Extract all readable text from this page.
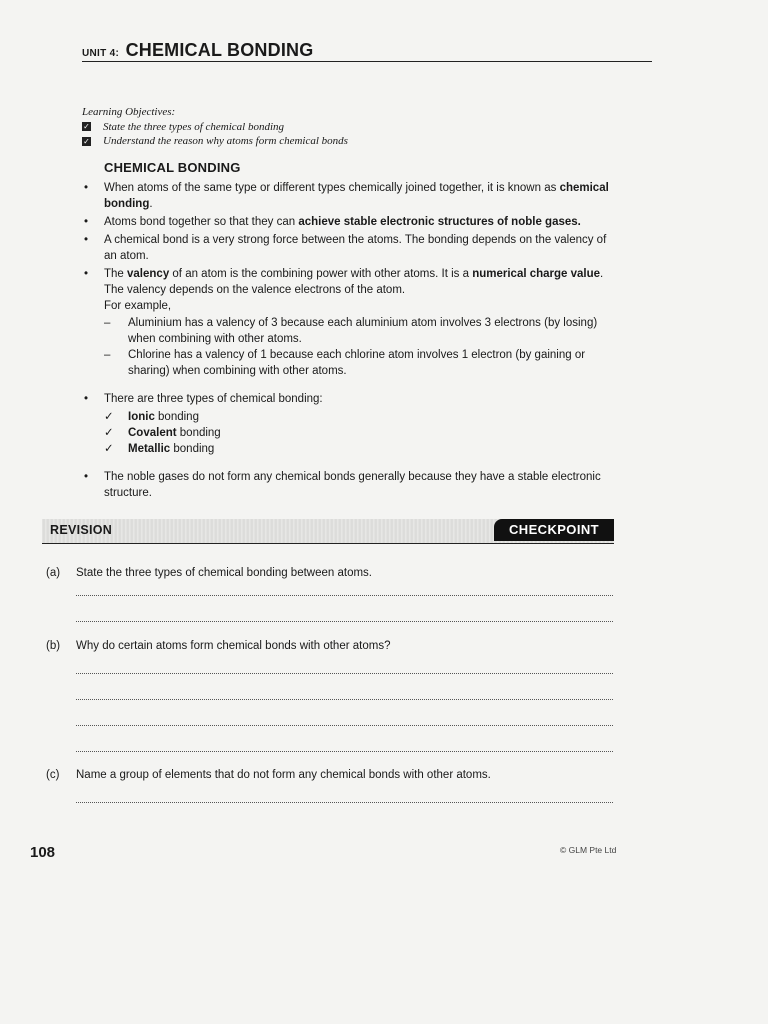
UNIT 4: CHEMICAL BONDING
Learning Objectives:
✓ State the three types of chemical bonding
✓ Understand the reason why atoms form chemical bonds
CHEMICAL BONDING
• When atoms of the same type or different types chemically joined together, it is known as chemical bonding.
• Atoms bond together so that they can achieve stable electronic structures of noble gases.
• A chemical bond is a very strong force between the atoms. The bonding depends on the valency of an atom.
• The valency of an atom is the combining power with other atoms. It is a numerical charge value.
The valency depends on the valence electrons of the atom.
For example,
– Aluminium has a valency of 3 because each aluminium atom involves 3 electrons (by losing) when combining with other atoms.
– Chlorine has a valency of 1 because each chlorine atom involves 1 electron (by gaining or sharing) when combining with other atoms.
• There are three types of chemical bonding:
✓ Ionic bonding
✓ Covalent bonding
✓ Metallic bonding
• The noble gases do not form any chemical bonds generally because they have a stable electronic structure.
REVISION	CHECKPOINT
(a) State the three types of chemical bonding between atoms.
(b) Why do certain atoms form chemical bonds with other atoms?
(c) Name a group of elements that do not form any chemical bonds with other atoms.
108	© GLM Pte Ltd
